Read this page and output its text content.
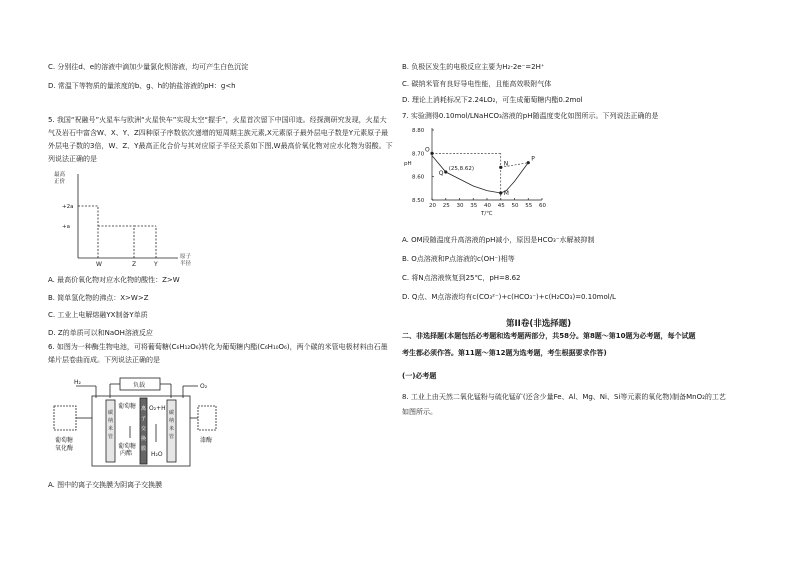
C. 分别往d、e的溶液中滴加少量氯化钡溶液，均可产生白色沉淀
D. 常温下等物质的量浓度的b、g、h的钠盐溶液的pH：g<h
5. 我国“祝融号”火星车与欧洲“火星快车”实现太空“握手”，火星首次留下中国印迹。经探测研究发现，火星大气及岩石中富含W、X、Y、Z四种原子序数依次递增的短周期主族元素,X元素原子最外层电子数是Y元素原子最外层电子数的3倍，W、Z、Y最高正化合价与其对应原子半径关系如下图,W最高价氧化物对应水化物为弱酸。下列说法正确的是
+2a
+a
W	Z	Y
最高
正价
原子
半径
A. 最高价氧化物对应水化物的酸性：Z>W
B. 简单氢化物的沸点：X>W>Z
C. 工业上电解熔融YX制备Y单质
D. Z的单质可以和NaOH溶液反应
6. 如图为一种酶生物电池，可将葡萄糖(C₆H₁₂O₆)转化为葡萄糖内酯(C₆H₁₀O₆)，两个碳的米管电极材料由石墨烯片层卷曲而成。下列说法正确的是
负载
H₂
O₂
葡萄糖
氧化酶
葡萄糖
葡萄糖
内酯
O₂+H
H₂O
漆酶
碳
纳
米
管
碳
纳
米
管
离
子
交
换
膜
A. 图中的离子交换膜为阴离子交换膜
B. 负极区发生的电极反应主要为H₂-2e⁻=2H⁺
C. 碳纳米管有良好导电性能，且能高效吸附气体
D. 理论上消耗标况下2.24LO₂，可生成葡萄糖内酯0.2mol
7. 实验测得0.10mol/LNaHCO₃溶液的pH随温度变化如图所示。下列说法正确的是
20 25 30 35 40 45 50 55 60
8.50
8.60
8.70
8.80
pH
T/℃
O
Q
(25,8.62)
N
M
P
A. OM段随温度升高溶液的pH减小，原因是HCO₃⁻水解被抑制
B. O点溶液和P点溶液的c(OH⁻)相等
C. 将N点溶液恢复到25℃，pH=8.62
D. Q点、M点溶液均有c(CO₃²⁻)+c(HCO₃⁻)+c(H₂CO₃)=0.10mol/L
第II卷(非选择题)
二、非选择题(本题包括必考题和选考题两部分，共58分。第8题～第10题为必考题，每个试题
考生都必须作答。第11题～第12题为选考题，考生根据要求作答)
(一)必考题
8. 工业上由天然二氧化锰粉与硫化锰矿(还含少量Fe、Al、Mg、Ni、Si等元素的氧化物)制备MnO₂的工艺
如图所示。
